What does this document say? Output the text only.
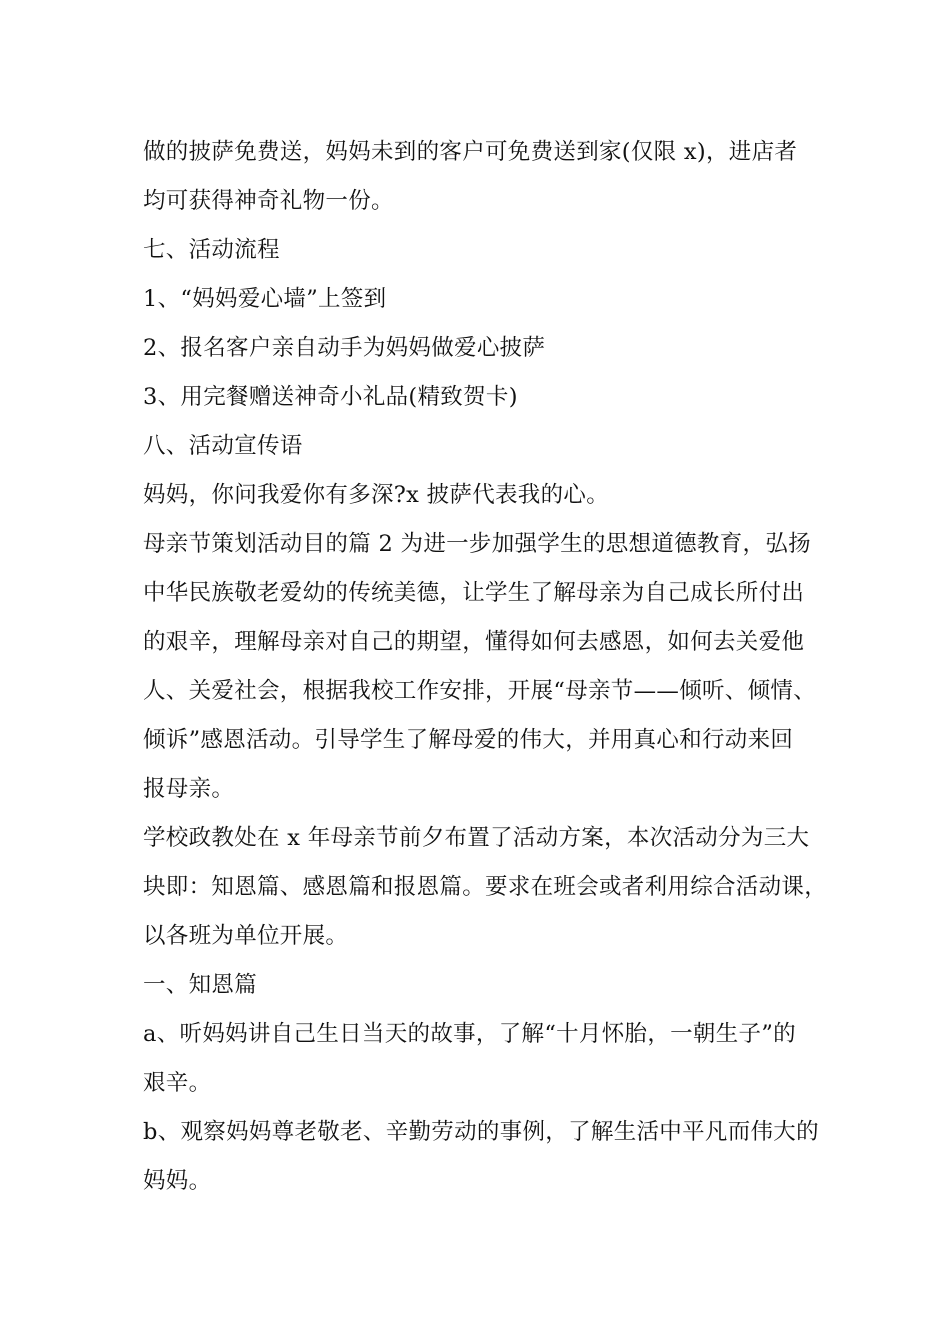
做的披萨免费送，妈妈未到的客户可免费送到家(仅限 x)，进店者
均可获得神奇礼物一份。

七、活动流程

1、“妈妈爱心墙”上签到

2、报名客户亲自动手为妈妈做爱心披萨

3、用完餐赠送神奇小礼品(精致贺卡)

八、活动宣传语

妈妈，你问我爱你有多深?x 披萨代表我的心。

母亲节策划活动目的篇 2 为进一步加强学生的思想道德教育，弘扬
中华民族敬老爱幼的传统美德，让学生了解母亲为自己成长所付出
的艰辛，理解母亲对自己的期望，懂得如何去感恩，如何去关爱他
人、关爱社会，根据我校工作安排，开展“母亲节——倾听、倾情、
倾诉”感恩活动。引导学生了解母爱的伟大，并用真心和行动来回
报母亲。

学校政教处在 x 年母亲节前夕布置了活动方案，本次活动分为三大
块即：知恩篇、感恩篇和报恩篇。要求在班会或者利用综合活动课，
以各班为单位开展。

一、知恩篇

a、听妈妈讲自己生日当天的故事，了解“十月怀胎，一朝生子”的
艰辛。

b、观察妈妈尊老敬老、辛勤劳动的事例，了解生活中平凡而伟大的
妈妈。
